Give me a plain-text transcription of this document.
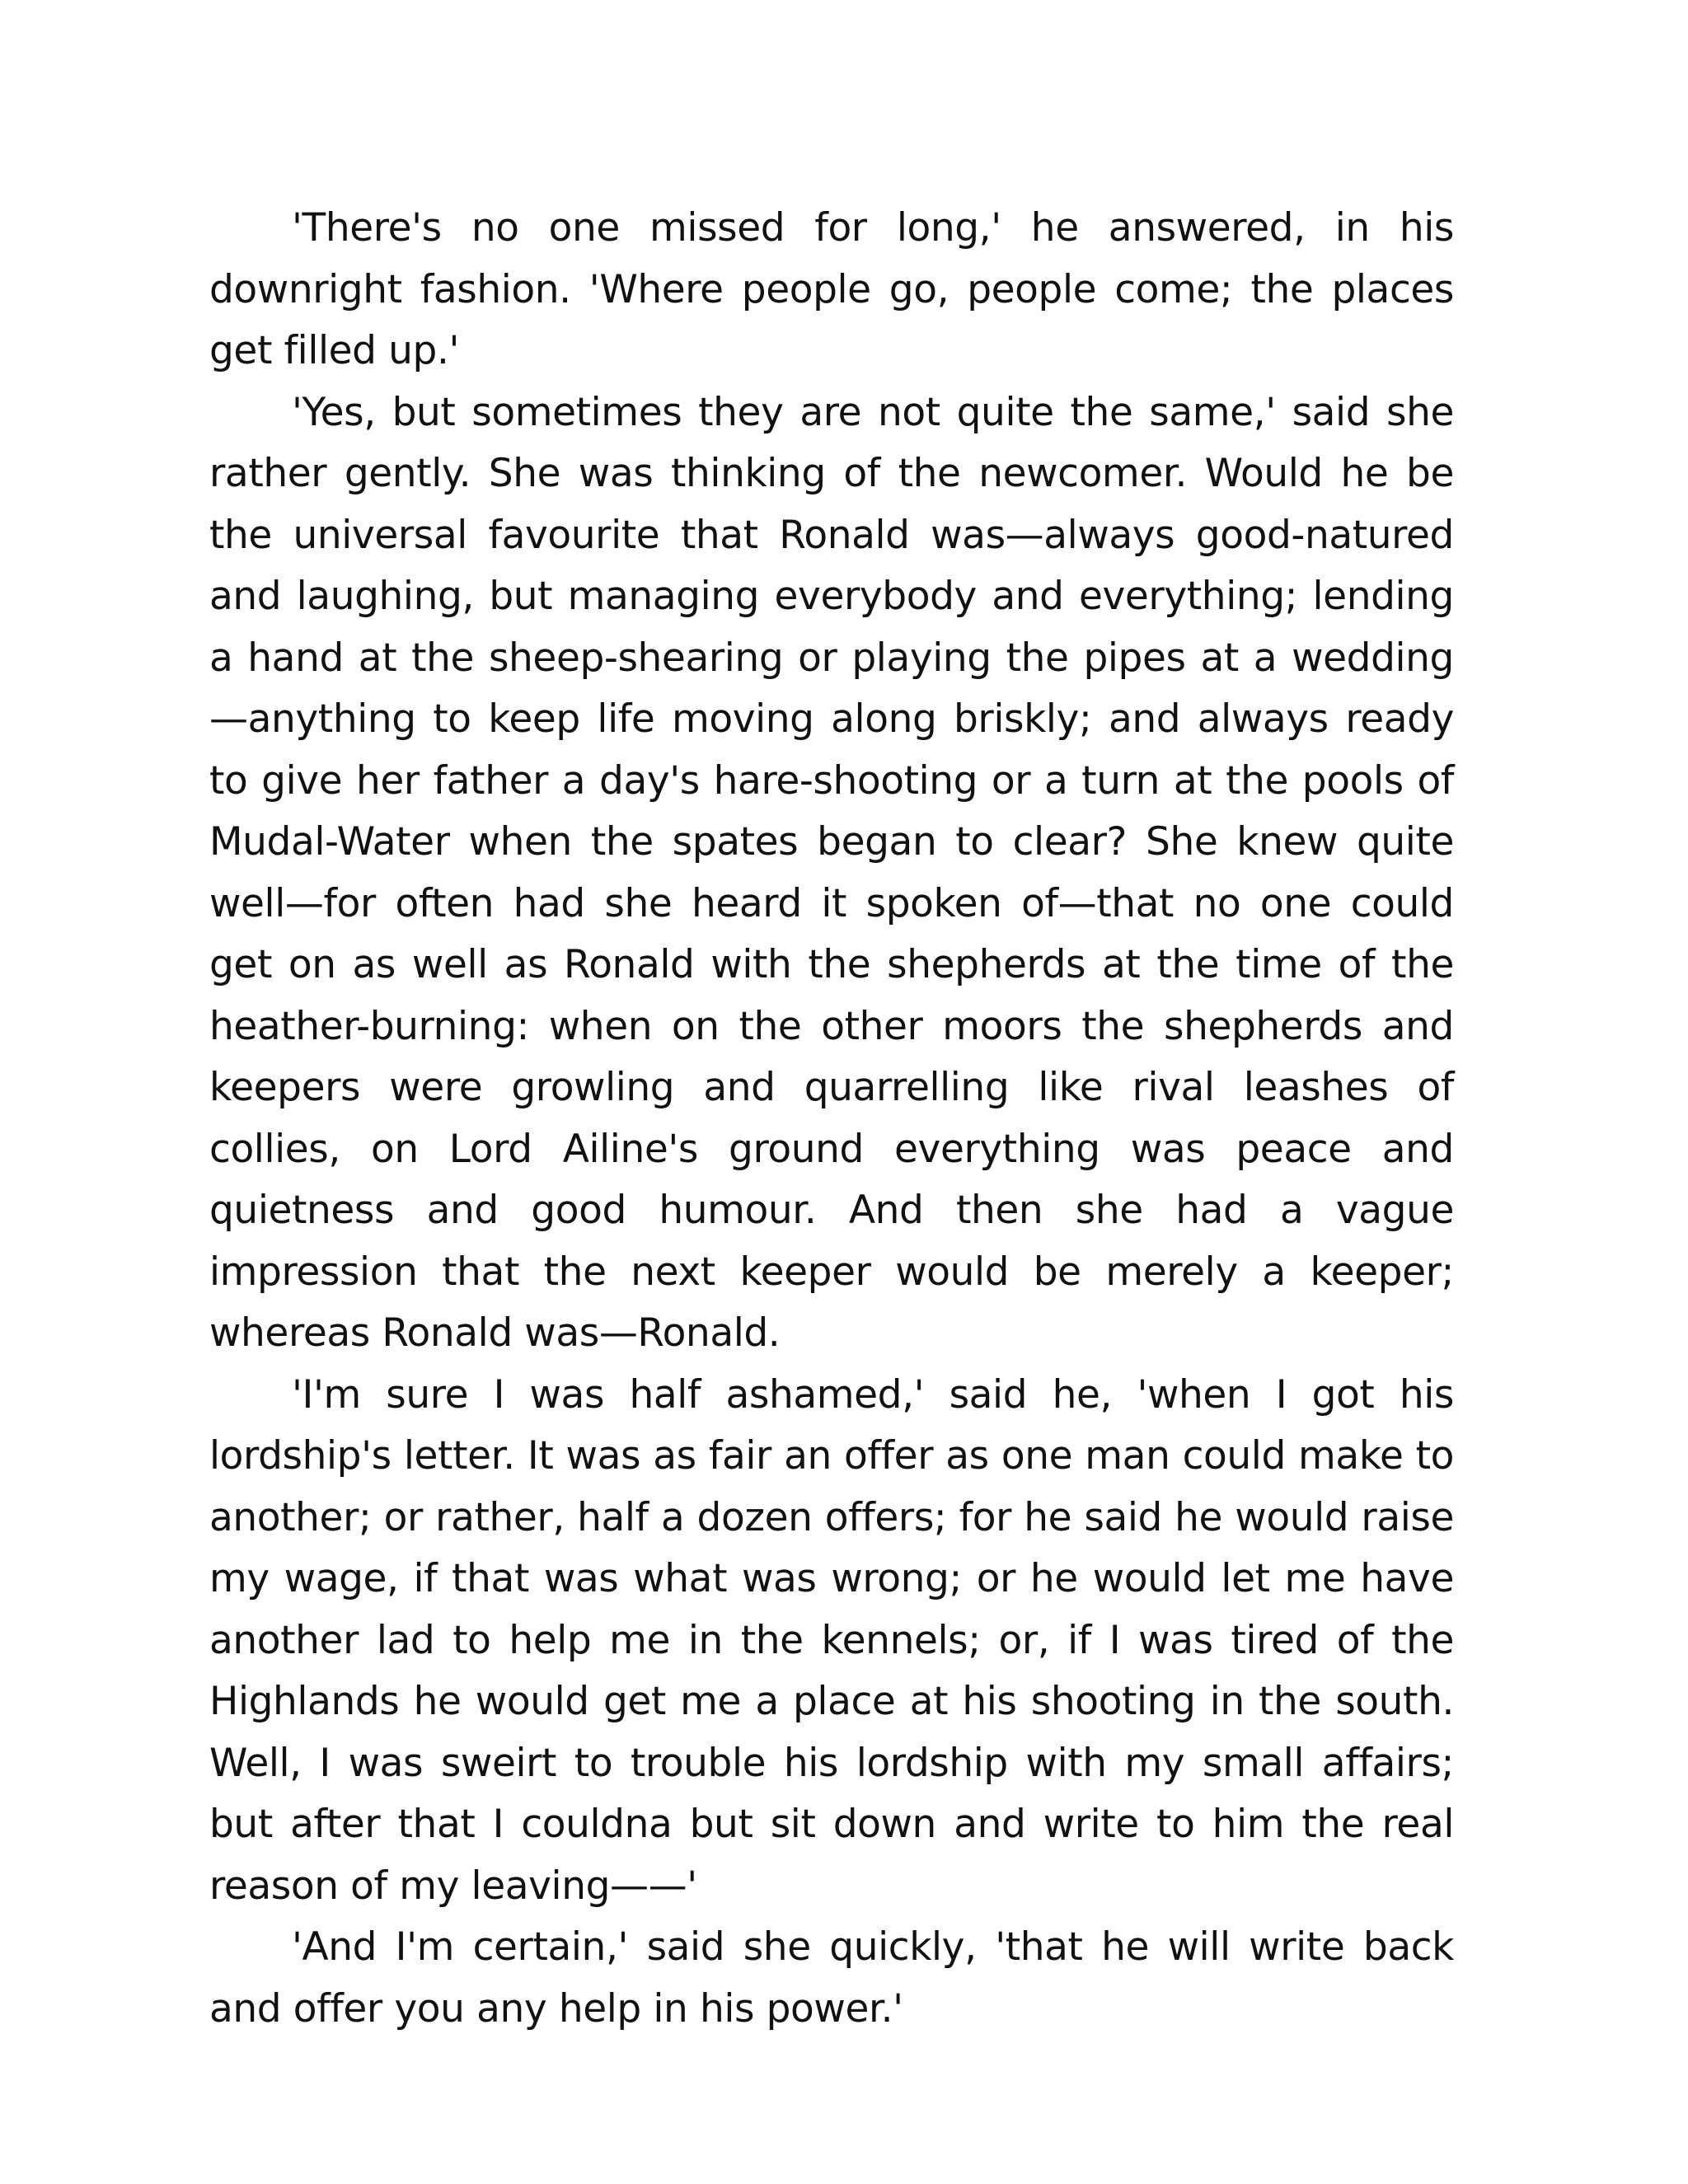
'There's no one missed for long,' he answered, in his downright fashion. 'Where people go, people come; the places get filled up.'

'Yes, but sometimes they are not quite the same,' said she rather gently. She was thinking of the newcomer. Would he be the universal favourite that Ronald was—always good-natured and laughing, but managing everybody and everything; lending a hand at the sheep-shearing or playing the pipes at a wedding—anything to keep life moving along briskly; and always ready to give her father a day's hare-shooting or a turn at the pools of Mudal-Water when the spates began to clear? She knew quite well—for often had she heard it spoken of—that no one could get on as well as Ronald with the shepherds at the time of the heather-burning: when on the other moors the shepherds and keepers were growling and quarrelling like rival leashes of collies, on Lord Ailine's ground everything was peace and quietness and good humour. And then she had a vague impression that the next keeper would be merely a keeper; whereas Ronald was—Ronald.

'I'm sure I was half ashamed,' said he, 'when I got his lordship's letter. It was as fair an offer as one man could make to another; or rather, half a dozen offers; for he said he would raise my wage, if that was what was wrong; or he would let me have another lad to help me in the kennels; or, if I was tired of the Highlands he would get me a place at his shooting in the south. Well, I was sweirt to trouble his lordship with my small affairs; but after that I couldna but sit down and write to him the real reason of my leaving——'

'And I'm certain,' said she quickly, 'that he will write back and offer you any help in his power.'
